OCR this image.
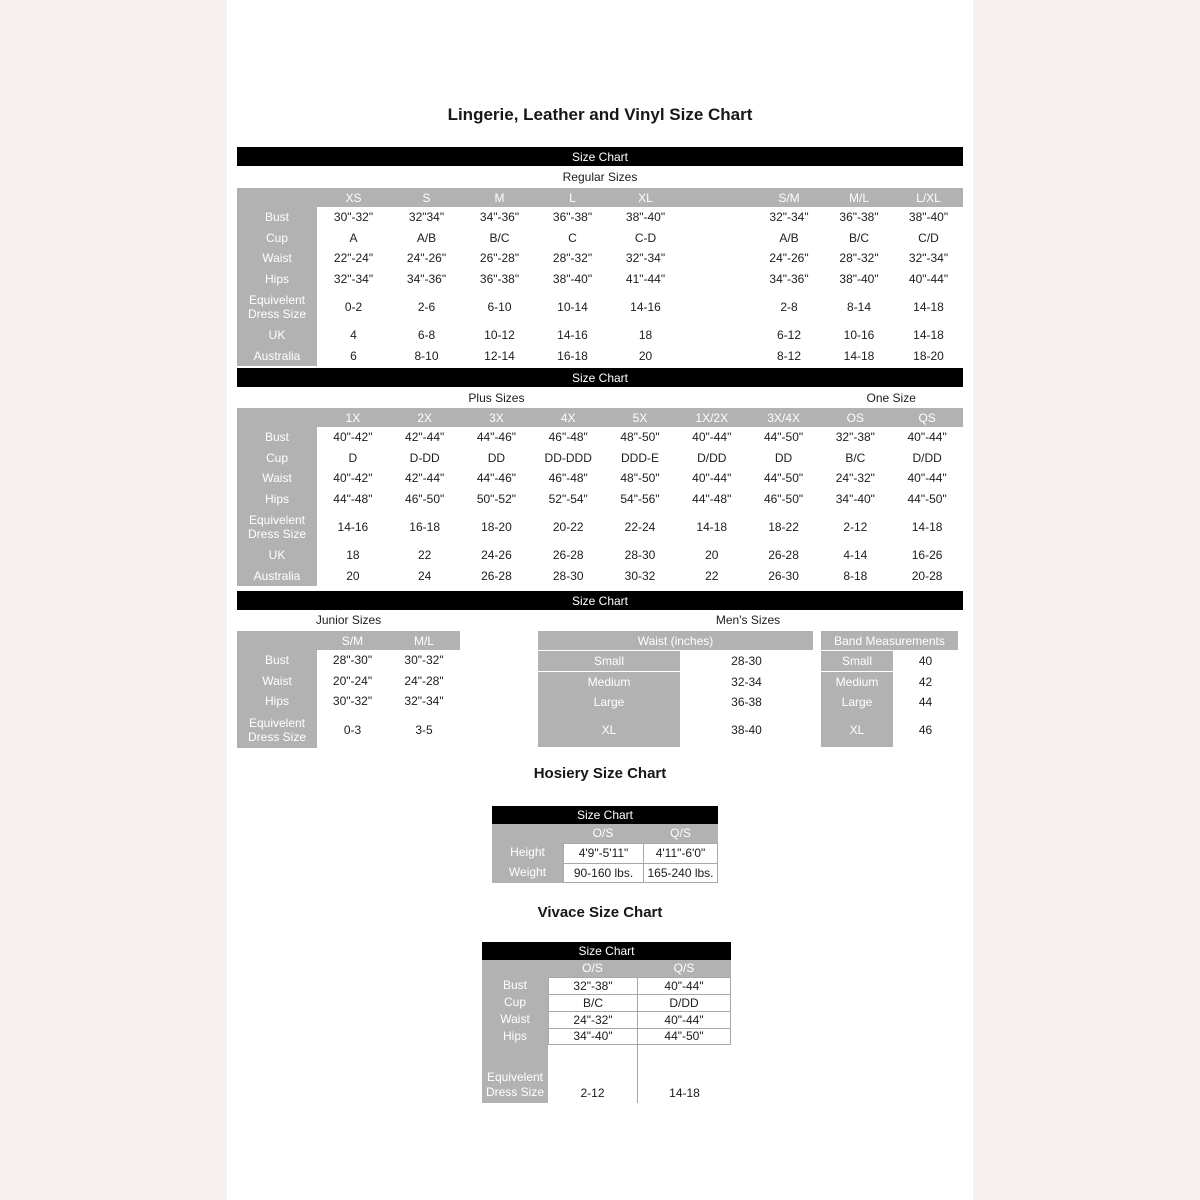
Lingerie, Leather and Vinyl Size Chart
Size Chart
Regular Sizes
XS	S	M	L	XL	S/M	M/L	L/XL
Bust	30"-32"	32"34"	34"-36"	36"-38"	38"-40"	32"-34"	36"-38"	38"-40"
Cup	A	A/B	B/C	C	C-D	A/B	B/C	C/D
Waist	22"-24"	24"-26"	26"-28"	28"-32"	32"-34"	24"-26"	28"-32"	32"-34"
Hips	32"-34"	34"-36"	36"-38"	38"-40"	41"-44"	34"-36"	38"-40"	40"-44"
Equivelent Dress Size	0-2	2-6	6-10	10-14	14-16	2-8	8-14	14-18
UK	4	6-8	10-12	14-16	18	6-12	10-16	14-18
Australia	6	8-10	12-14	16-18	20	8-12	14-18	18-20
Size Chart
Plus Sizes	One Size
1X	2X	3X	4X	5X	1X/2X	3X/4X	OS	QS
Bust	40"-42"	42"-44"	44"-46"	46"-48"	48"-50"	40"-44"	44"-50"	32"-38"	40"-44"
Cup	D	D-DD	DD	DD-DDD	DDD-E	D/DD	DD	B/C	D/DD
Waist	40"-42"	42"-44"	44"-46"	46"-48"	48"-50"	40"-44"	44"-50"	24"-32"	40"-44"
Hips	44"-48"	46"-50"	50"-52"	52"-54"	54"-56"	44"-48"	46"-50"	34"-40"	44"-50"
Equivelent Dress Size	14-16	16-18	18-20	20-22	22-24	14-18	18-22	2-12	14-18
UK	18	22	24-26	26-28	28-30	20	26-28	4-14	16-26
Australia	20	24	26-28	28-30	30-32	22	26-30	8-18	20-28
Size Chart
Junior Sizes	Men's Sizes
S/M	M/L
Bust	28"-30"	30"-32"
Waist	20"-24"	24"-28"
Hips	30"-32"	32"-34"
Equivelent Dress Size	0-3	3-5
Waist (inches)	Band Measurements
Small	28-30	Small	40
Medium	32-34	Medium	42
Large	36-38	Large	44
XL	38-40	XL	46
Hosiery Size Chart
Size Chart
O/S	Q/S
Height	4'9"-5'11"	4'11"-6'0"
Weight	90-160 lbs.	165-240 lbs.
Vivace Size Chart
Size Chart
O/S	Q/S
Bust	32"-38"	40"-44"
Cup	B/C	D/DD
Waist	24"-32"	40"-44"
Hips	34"-40"	44"-50"
Equivelent Dress Size	2-12	14-18
